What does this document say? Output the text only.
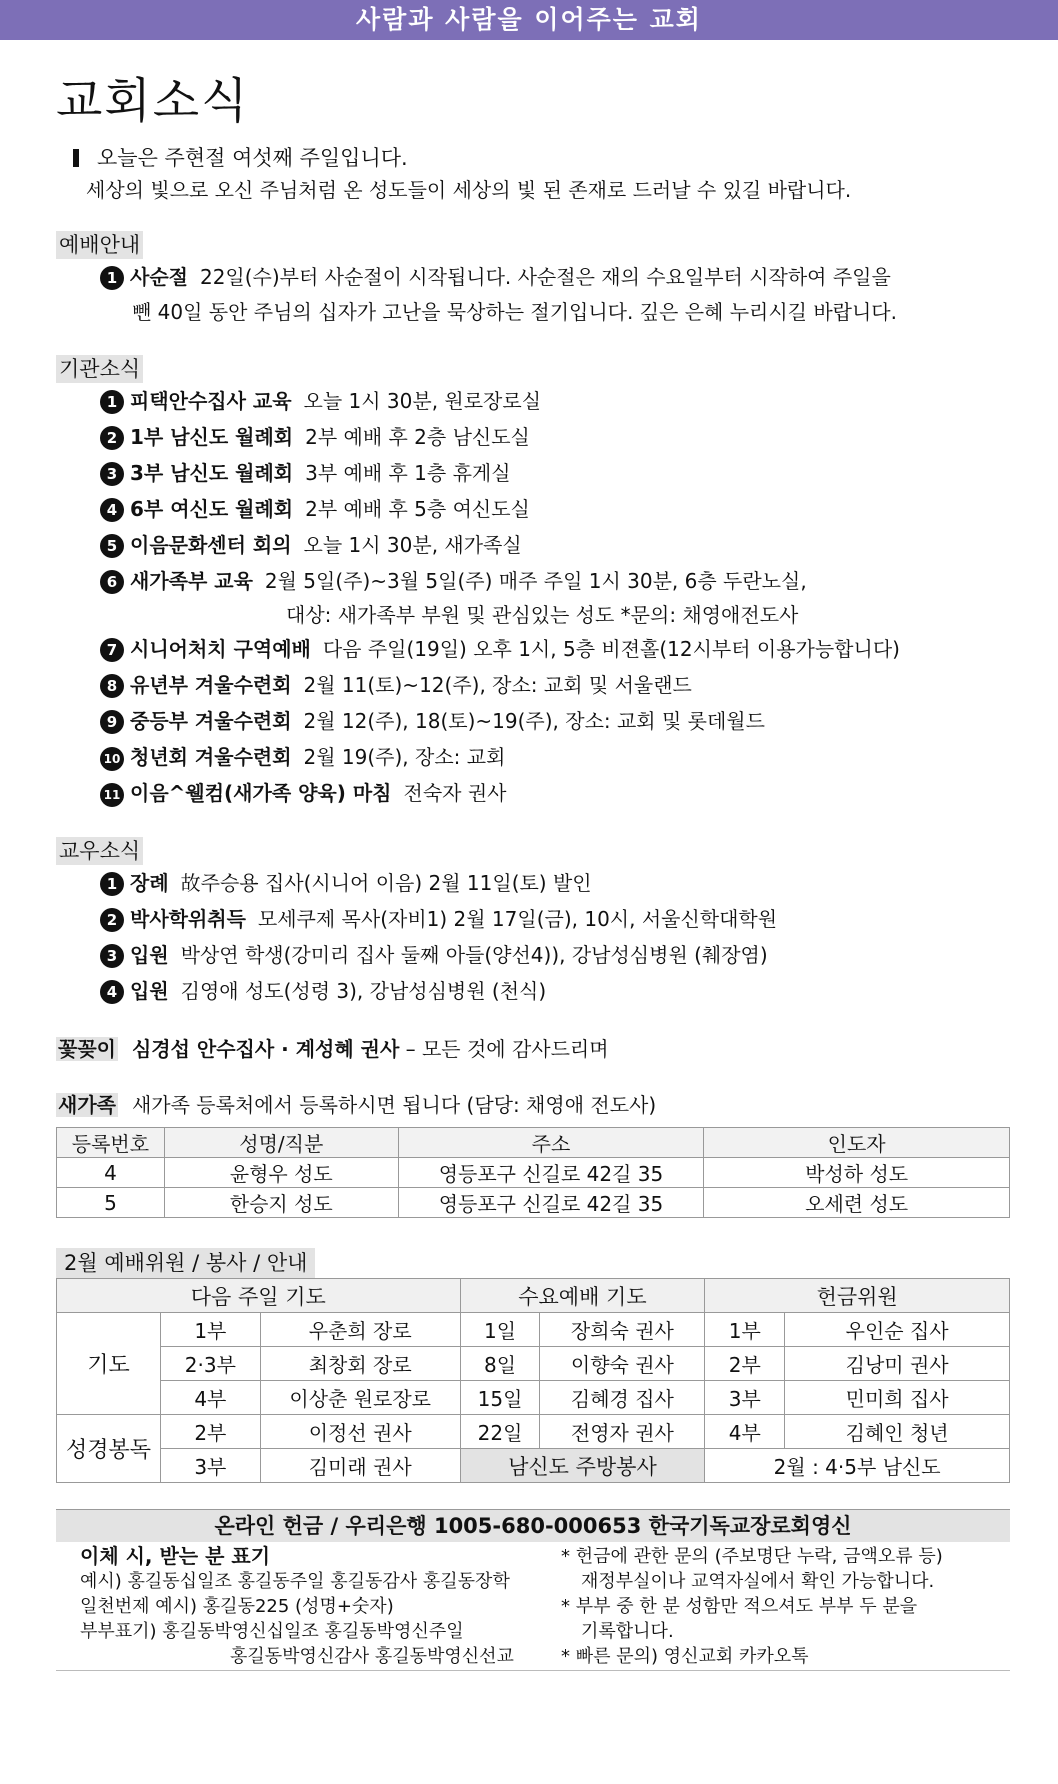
사람과 사람을 이어주는 교회
교회소식
오늘은 주현절 여섯째 주일입니다.
세상의 빛으로 오신 주님처럼 온 성도들이 세상의 빛 된 존재로 드러날 수 있길 바랍니다.
예배안내
1 사순절 22일(수)부터 사순절이 시작됩니다. 사순절은 재의 수요일부터 시작하여 주일을
뺀 40일 동안 주님의 십자가 고난을 묵상하는 절기입니다. 깊은 은혜 누리시길 바랍니다.
기관소식
1 피택안수집사 교육 오늘 1시 30분, 원로장로실
2 1부 남신도 월례회 2부 예배 후 2층 남신도실
3 3부 남신도 월례회 3부 예배 후 1층 휴게실
4 6부 여신도 월례회 2부 예배 후 5층 여신도실
5 이음문화센터 회의 오늘 1시 30분, 새가족실
6 새가족부 교육 2월 5일(주)~3월 5일(주) 매주 주일 1시 30분, 6층 두란노실,
대상: 새가족부 부원 및 관심있는 성도 *문의: 채영애전도사
7 시니어처치 구역예배 다음 주일(19일) 오후 1시, 5층 비젼홀(12시부터 이용가능합니다)
8 유년부 겨울수련회 2월 11(토)~12(주), 장소: 교회 및 서울랜드
9 중등부 겨울수련회 2월 12(주), 18(토)~19(주), 장소: 교회 및 롯데월드
10 청년회 겨울수련회 2월 19(주), 장소: 교회
11 이음^웰컴(새가족 양육) 마침 전숙자 권사
교우소식
1 장례 故주승용 집사(시니어 이음) 2월 11일(토) 발인
2 박사학위취득 모세쿠제 목사(자비1) 2월 17일(금), 10시, 서울신학대학원
3 입원 박상연 학생(강미리 집사 둘째 아들(양선4)), 강남성심병원 (췌장염)
4 입원 김영애 성도(성령 3), 강남성심병원 (천식)
꽃꽂이 심경섭 안수집사 · 계성혜 권사 – 모든 것에 감사드리며
새가족 새가족 등록처에서 등록하시면 됩니다 (담당: 채영애 전도사)
등록번호	성명/직분	주소	인도자
4	윤형우 성도	영등포구 신길로 42길 35	박성하 성도
5	한승지 성도	영등포구 신길로 42길 35	오세련 성도
2월 예배위원 / 봉사 / 안내
다음 주일 기도			수요예배 기도		헌금위원	
기도	1부	우춘희 장로	1일	장희숙 권사	1부	우인순 집사
	2·3부	최창회 장로	8일	이향숙 권사	2부	김낭미 권사
	4부	이상춘 원로장로	15일	김혜경 집사	3부	민미희 집사
성경봉독	2부	이정선 권사	22일	전영자 권사	4부	김혜인 청년
	3부	김미래 권사	남신도 주방봉사		2월 : 4·5부 남신도	
온라인 헌금 / 우리은행 1005-680-000653 한국기독교장로회영신
이체 시, 받는 분 표기
예시) 홍길동십일조 홍길동주일 홍길동감사 홍길동장학
일천번제 예시) 홍길동225 (성명+숫자)
부부표기) 홍길동박영신십일조 홍길동박영신주일
홍길동박영신감사 홍길동박영신선교
* 헌금에 관한 문의 (주보명단 누락, 금액오류 등)
재정부실이나 교역자실에서 확인 가능합니다.
* 부부 중 한 분 성함만 적으셔도 부부 두 분을
기록합니다.
* 빠른 문의) 영신교회 카카오톡
